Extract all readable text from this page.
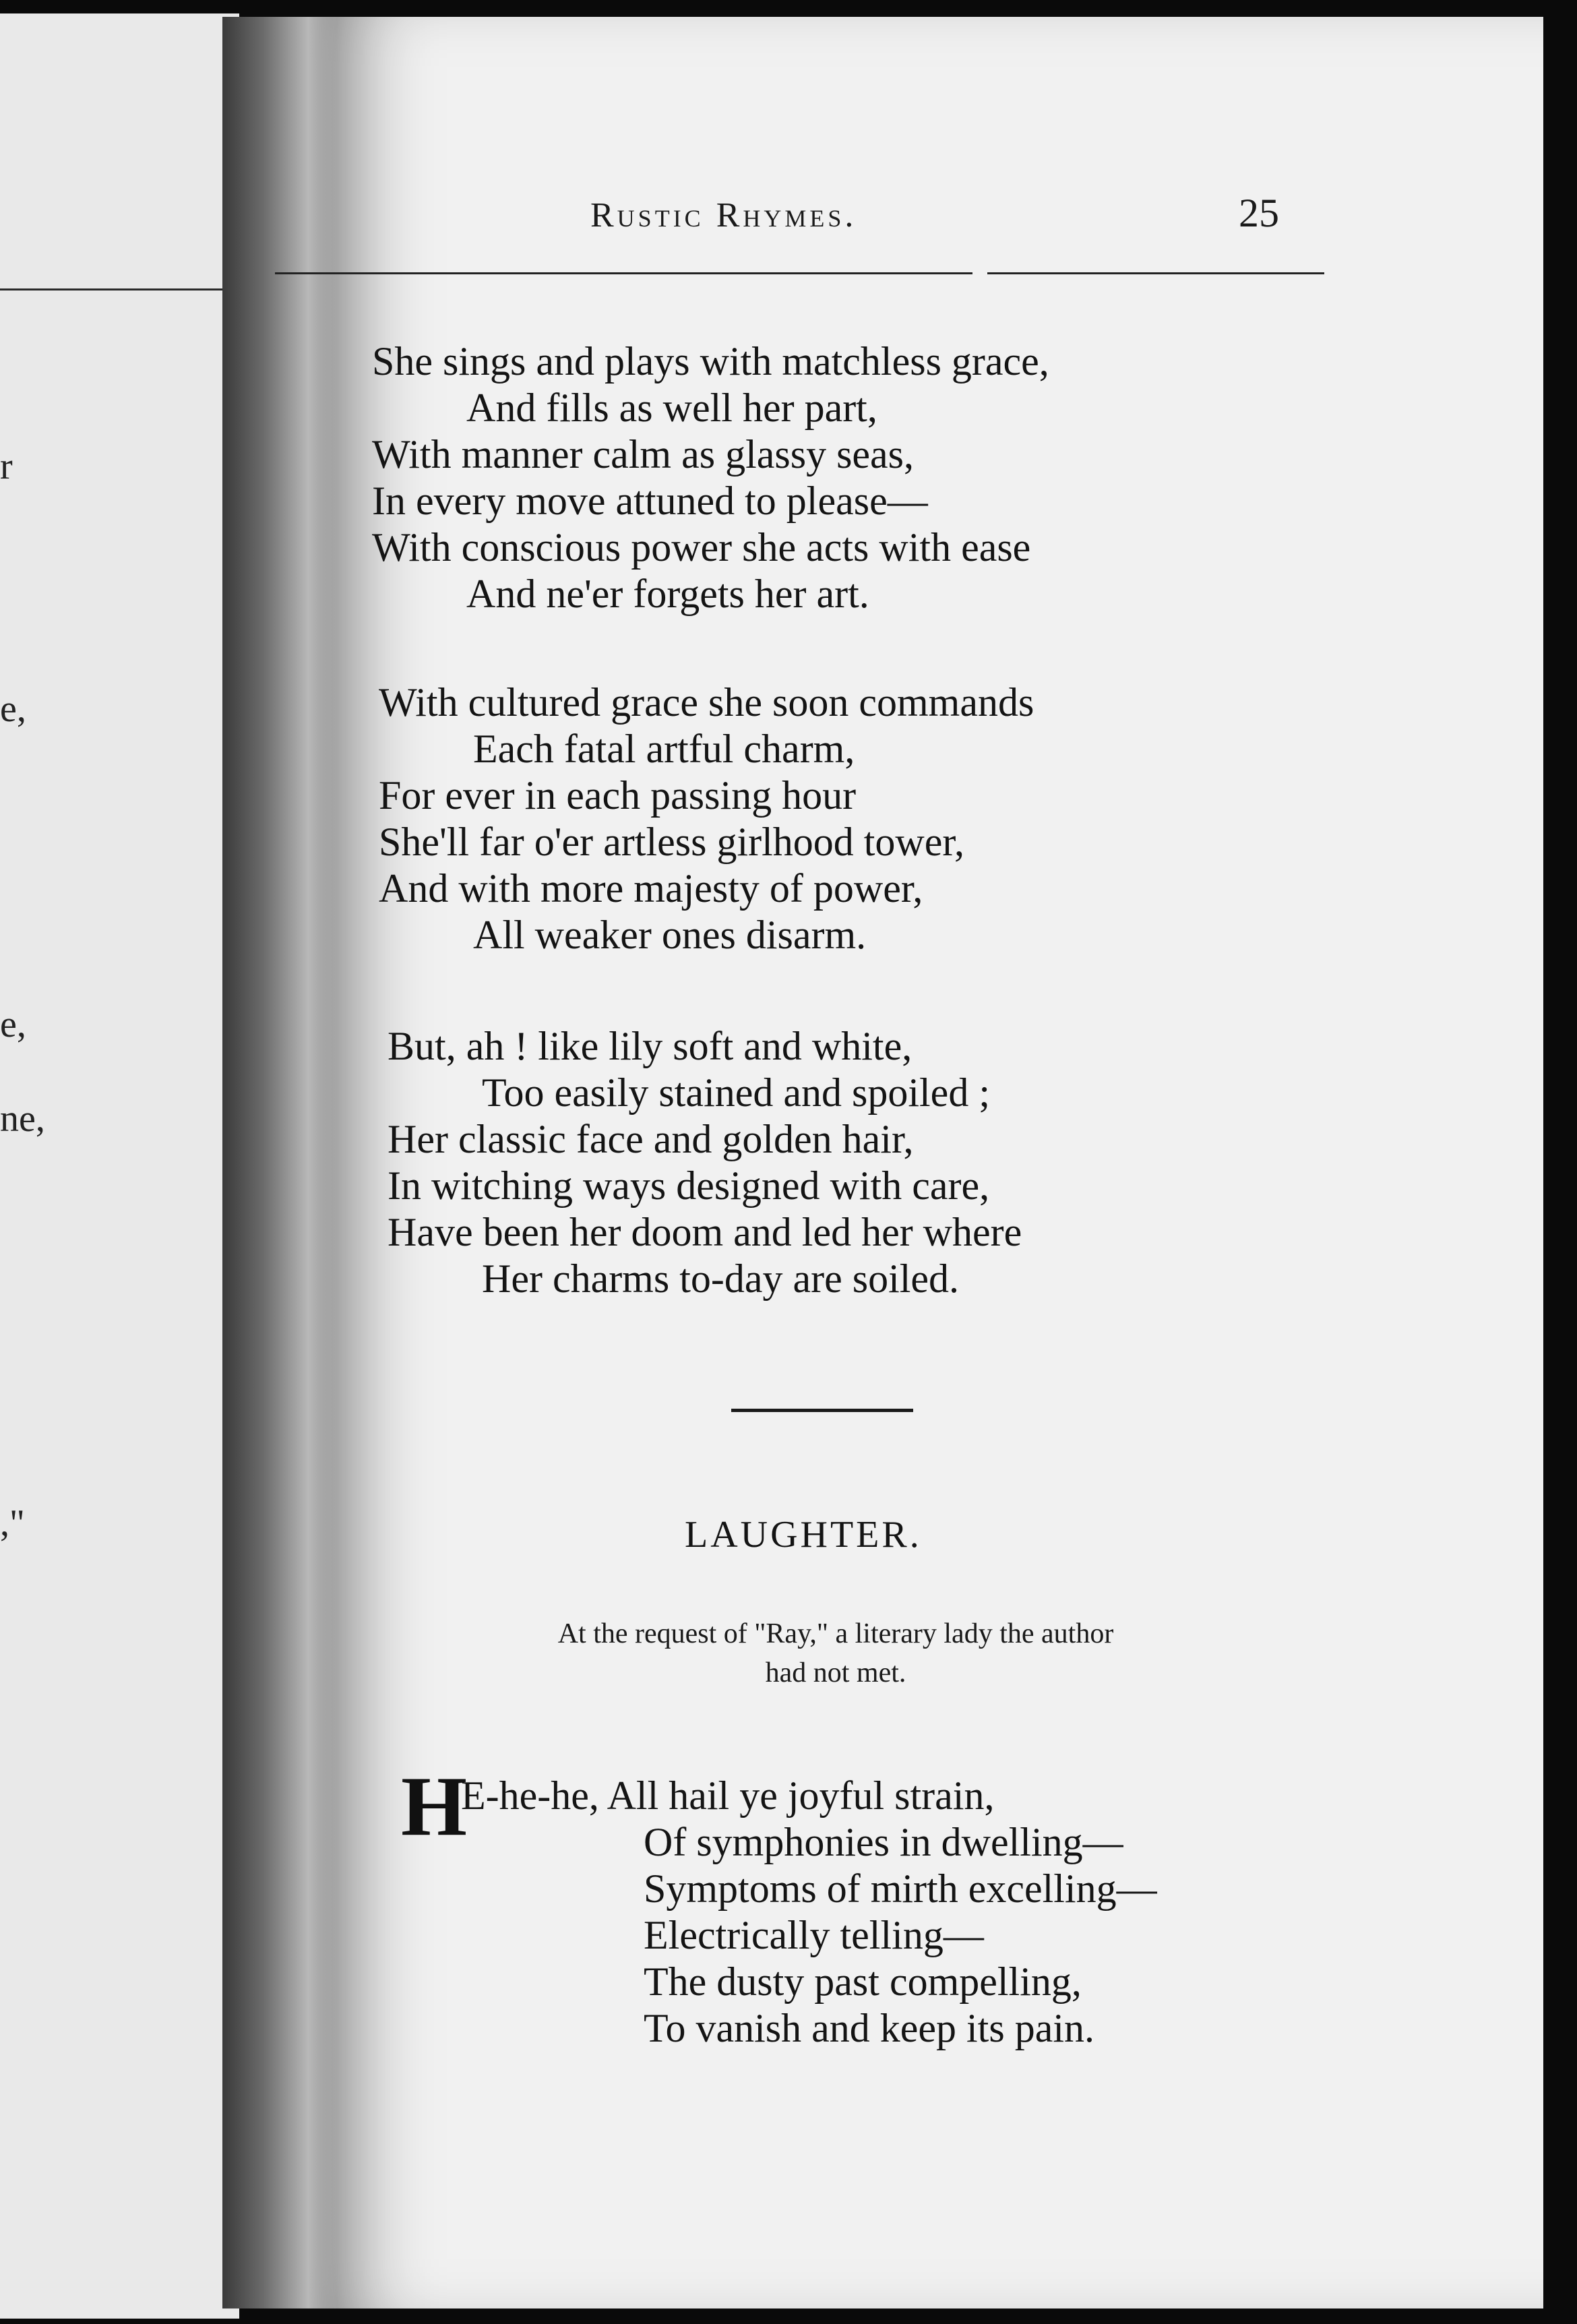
r
e,
e,
ne,
,"
Rustic Rhymes.	25
She sings and plays with matchless grace,
And fills as well her part,
With manner calm as glassy seas,
In every move attuned to please—
With conscious power she acts with ease
And ne'er forgets her art.
With cultured grace she soon commands
Each fatal artful charm,
For ever in each passing hour
She'll far o'er artless girlhood tower,
And with more majesty of power,
All weaker ones disarm.
But, ah ! like lily soft and white,
Too easily stained and spoiled ;
Her classic face and golden hair,
In witching ways designed with care,
Have been her doom and led her where
Her charms to-day are soiled.
LAUGHTER.
At the request of "Ray," a literary lady the author
had not met.
H
E-he-he, All hail ye joyful strain,
Of symphonies in dwelling—
Symptoms of mirth excelling—
Electrically telling—
The dusty past compelling,
To vanish and keep its pain.
